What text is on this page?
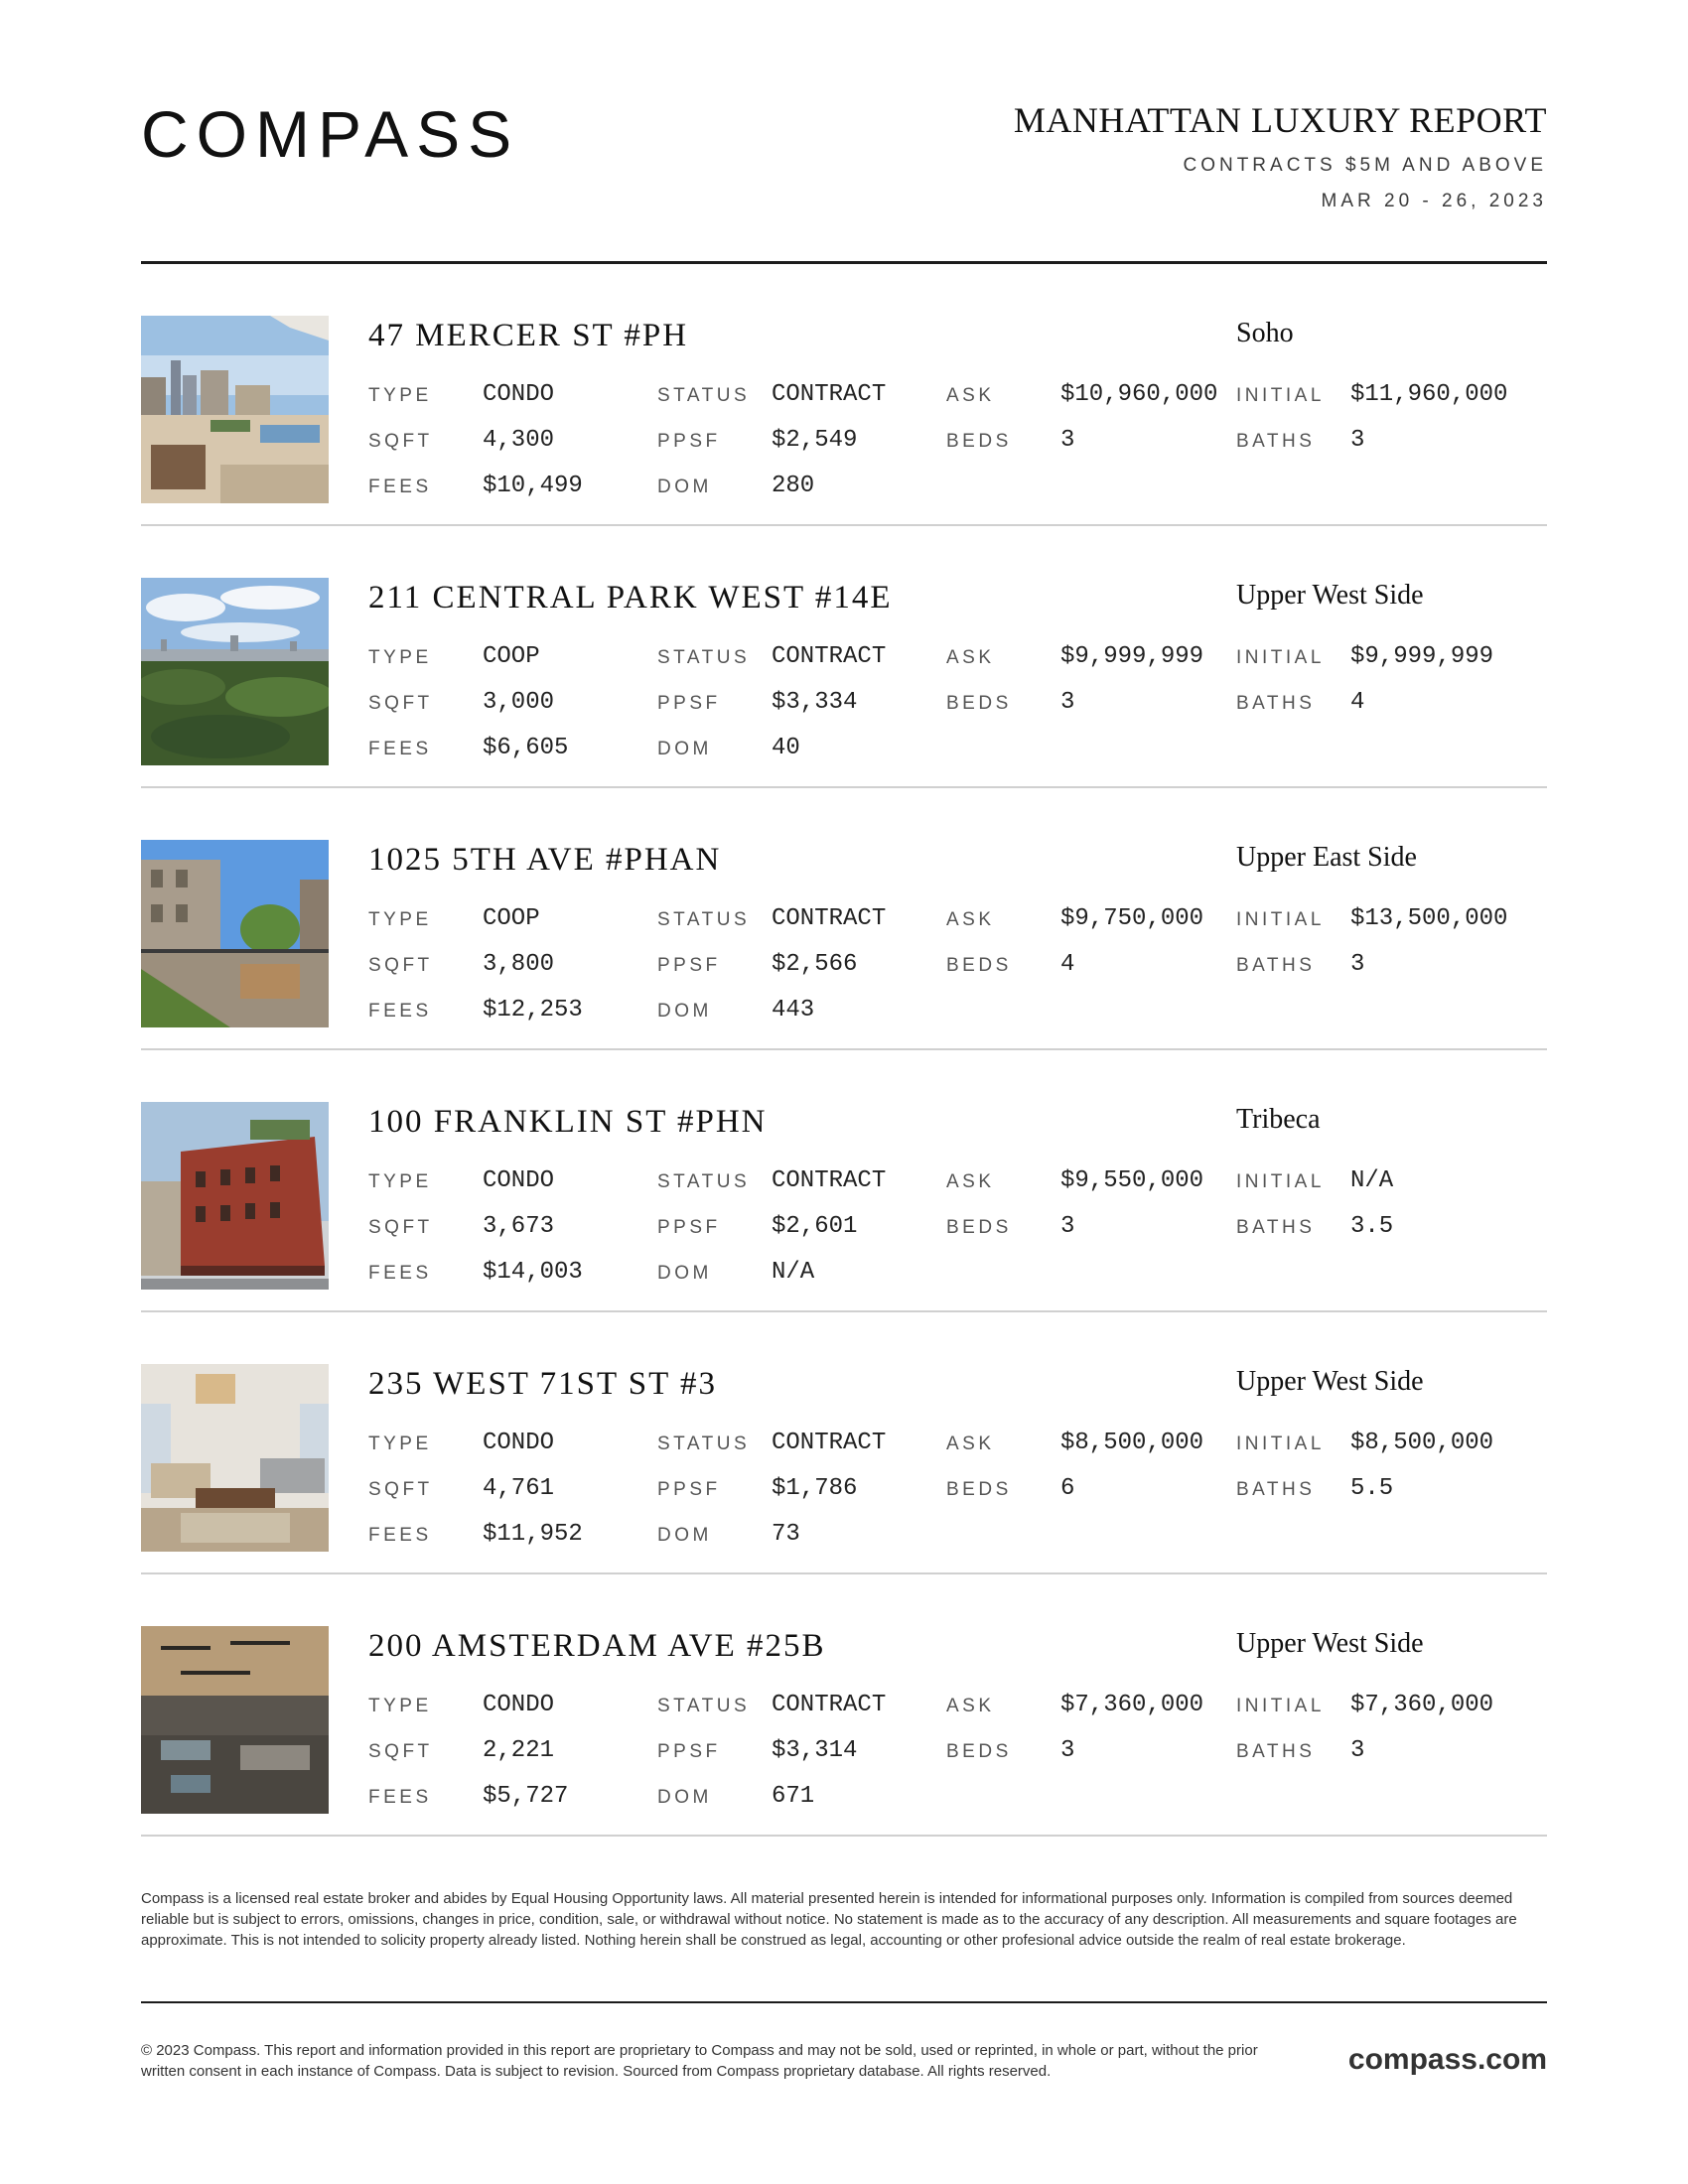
COMPASS	MANHATTAN LUXURY REPORT
CONTRACTS $5M AND ABOVE
MAR 20 - 26, 2023
47 MERCER ST #PH	Soho
TYPE CONDO	STATUS CONTRACT	ASK	$10,960,000 INITIAL $11,960,000
SQFT 4,300	PPSF $2,549	BEDS 3	BATHS 3
FEES $10,499	DOM	280
211 CENTRAL PARK WEST #14E	Upper West Side
TYPE COOP	STATUS CONTRACT	ASK	$9,999,999 INITIAL $9,999,999
SQFT 3,000	PPSF $3,334	BEDS 3	BATHS 4
FEES $6,605	DOM	40
1025 5TH AVE #PHAN	Upper East Side
TYPE COOP	STATUS CONTRACT	ASK	$9,750,000 INITIAL $13,500,000
SQFT 3,800	PPSF $2,566	BEDS 4	BATHS 3
FEES $12,253	DOM	443
100 FRANKLIN ST #PHN	Tribeca
TYPE CONDO	STATUS CONTRACT	ASK	$9,550,000 INITIAL N/A
SQFT 3,673	PPSF $2,601	BEDS 3	BATHS 3.5
FEES $14,003	DOM	N/A
235 WEST 71ST ST #3	Upper West Side
TYPE CONDO	STATUS CONTRACT	ASK	$8,500,000 INITIAL $8,500,000
SQFT 4,761	PPSF $1,786	BEDS 6	BATHS 5.5
FEES $11,952	DOM	73
200 AMSTERDAM AVE #25B	Upper West Side
TYPE CONDO	STATUS CONTRACT	ASK	$7,360,000 INITIAL $7,360,000
SQFT 2,221	PPSF $3,314	BEDS 3	BATHS 3
FEES $5,727	DOM	671
Compass is a licensed real estate broker and abides by Equal Housing Opportunity laws. All material presented herein is intended for informational purposes only. Information is compiled from sources deemed reliable but is subject to errors, omissions, changes in price, condition, sale, or withdrawal without notice. No statement is made as to the accuracy of any description. All measurements and square footages are approximate. This is not intended to solicity property already listed. Nothing herein shall be construed as legal, accounting or other profesional advice outside the realm of real estate brokerage.
© 2023 Compass. This report and information provided in this report are proprietary to Compass and may not be sold, used or reprinted, in whole or part, without the prior written consent in each instance of Compass. Data is subject to revision. Sourced from Compass proprietary database. All rights reserved.	compass.com
